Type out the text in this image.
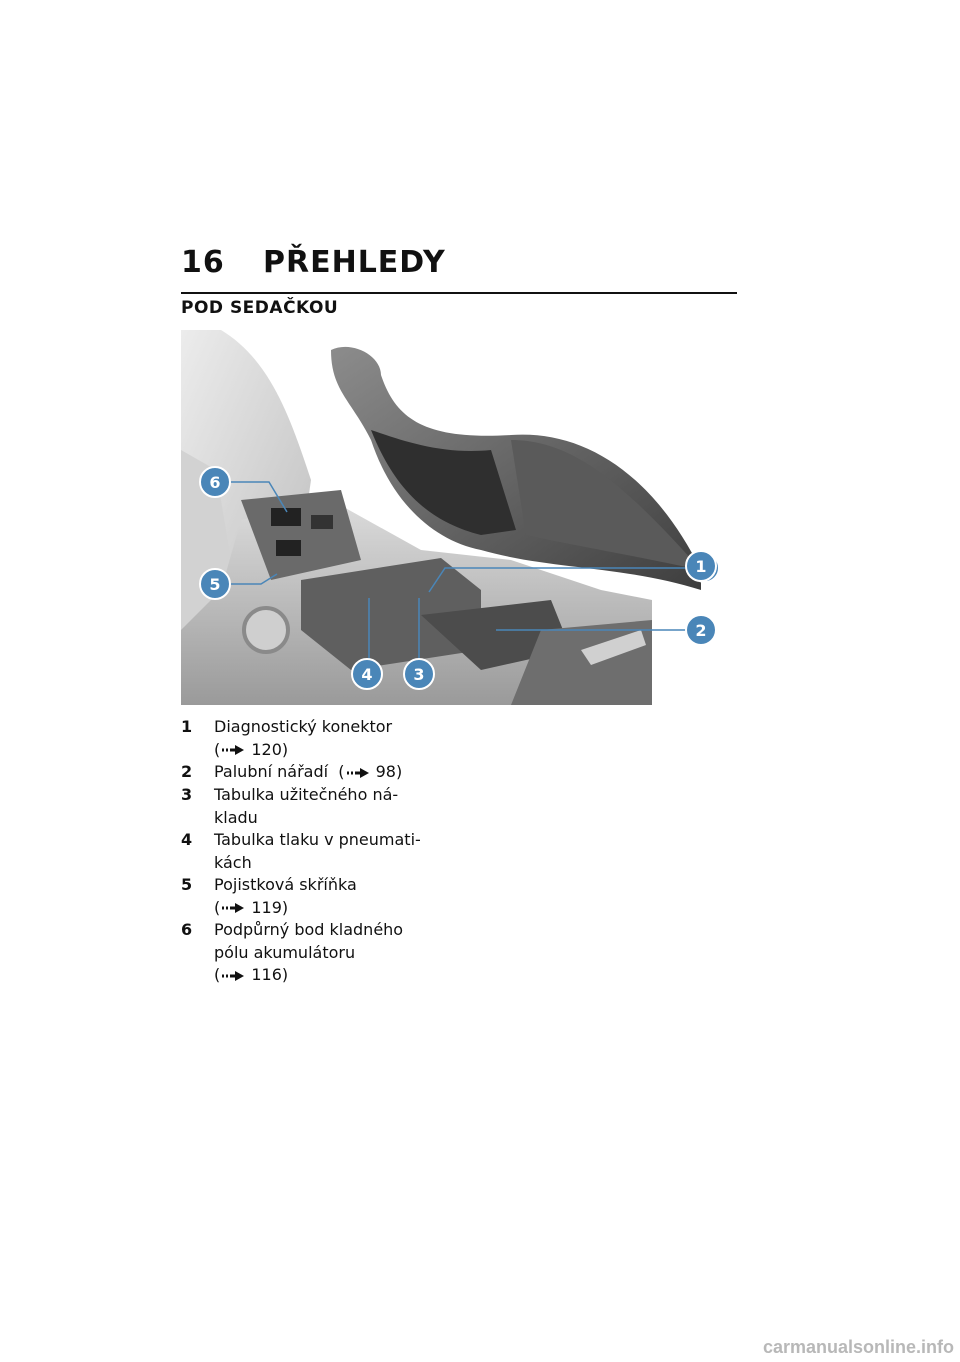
16	PŘEHLEDY
POD SEDAČKOU
1
2
3
4
5
6
1	Diagnostický konektor
( 120)
2	Palubní nářadí  ( 98)
3	Tabulka užitečného ná-
kladu
4	Tabulka tlaku v pneumati-
kách
5	Pojistková skříňka
( 119)
6	Podpůrný bod kladného
pólu akumulátoru
( 116)
carmanualsonline.info
